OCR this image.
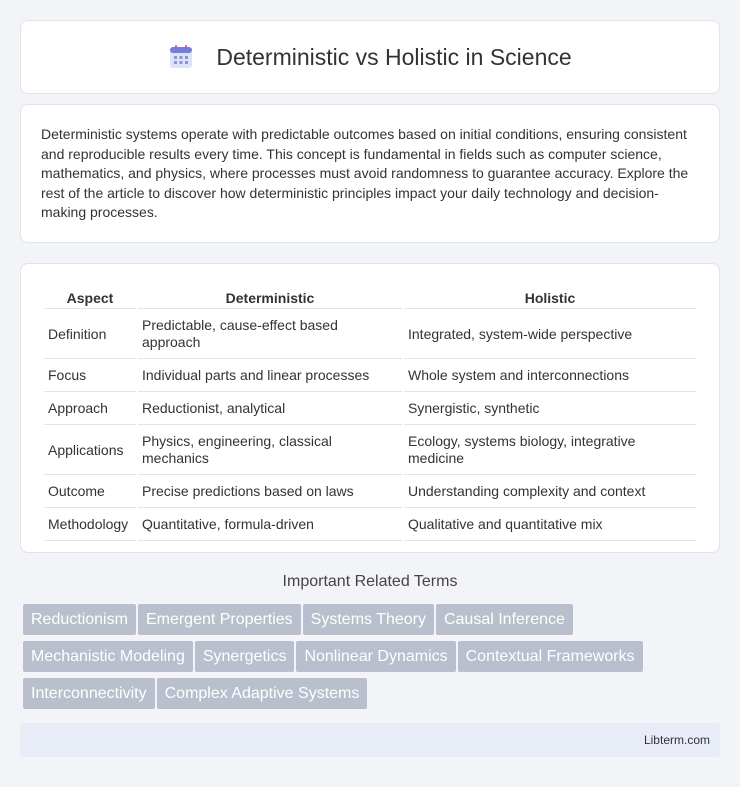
Deterministic vs Holistic in Science

Deterministic systems operate with predictable outcomes based on initial conditions, ensuring consistent and reproducible results every time. This concept is fundamental in fields such as computer science, mathematics, and physics, where processes must avoid randomness to guarantee accuracy. Explore the rest of the article to discover how deterministic principles impact your daily technology and decision-making processes.

Aspect	Deterministic	Holistic
Definition	Predictable, cause-effect based approach	Integrated, system-wide perspective
Focus	Individual parts and linear processes	Whole system and interconnections
Approach	Reductionist, analytical	Synergistic, synthetic
Applications	Physics, engineering, classical mechanics	Ecology, systems biology, integrative medicine
Outcome	Precise predictions based on laws	Understanding complexity and context
Methodology	Quantitative, formula-driven	Qualitative and quantitative mix
Important Related Terms
Reductionism Emergent Properties Systems Theory Causal Inference
Mechanistic Modeling Synergetics Nonlinear Dynamics Contextual Frameworks
Interconnectivity Complex Adaptive Systems
Libterm.com
